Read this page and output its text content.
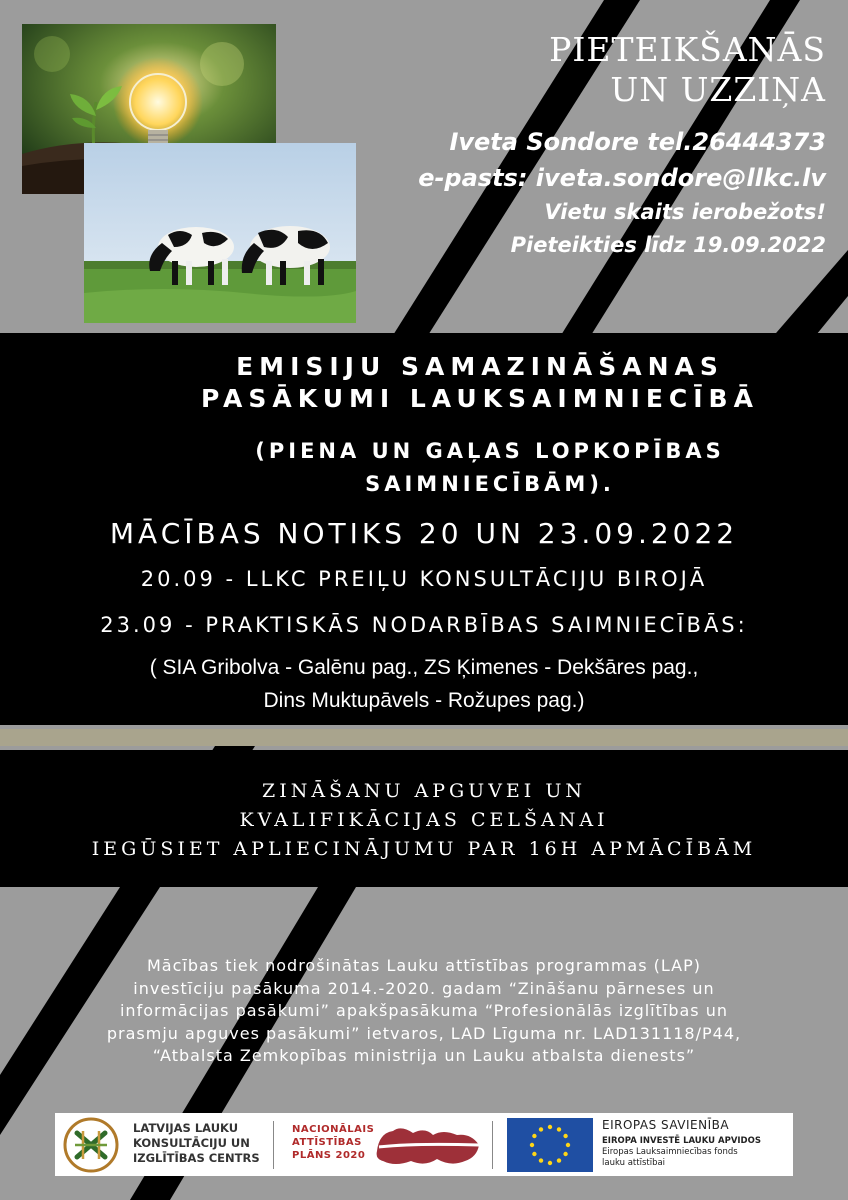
PIETEIKŠANĀS
UN UZZIŅA
Iveta Sondore tel.26444373
e-pasts: iveta.sondore@llkc.lv
Vietu skaits ierobežots!
Pieteikties līdz 19.09.2022
EMISIJU SAMAZINĀŠANAS
PASĀKUMI LAUKSAIMNIECĪBĀ
(PIENA UN GAĻAS LOPKOPĪBAS
SAIMNIECĪBĀM).
MĀCĪBAS NOTIKS 20 UN 23.09.2022
20.09 - LLKC PREIĻU KONSULTĀCIJU BIROJĀ
23.09 - PRAKTISKĀS NODARBĪBAS SAIMNIECĪBĀS:
( SIA Gribolva - Galēnu pag., ZS Ķimenes - Dekšāres pag.,
Dins Muktupāvels - Rožupes pag.)
ZINĀŠANU APGUVEI UN
KVALIFIKĀCIJAS CELŠANAI
IEGŪSIET APLIECINĀJUMU PAR 16H APMĀCĪBĀM
Mācības tiek nodrošinātas Lauku attīstības programmas (LAP)
investīciju pasākuma 2014.-2020. gadam “Zināšanu pārneses un
informācijas pasākumi” apakšpasākuma “Profesionālās izglītības un
prasmju apguves pasākumi” ietvaros, LAD Līguma nr. LAD131118/P44,
“Atbalsta Zemkopības ministrija un Lauku atbalsta dienests”
LATVIJAS LAUKU
KONSULTĀCIJU UN
IZGLĪTĪBAS CENTRS
NACIONĀLAIS
ATTĪSTĪBAS
PLĀNS 2020
EIROPAS SAVIENĪBA
EIROPA INVESTĒ LAUKU APVIDOS
Eiropas Lauksaimniecības fonds
lauku attīstībai
